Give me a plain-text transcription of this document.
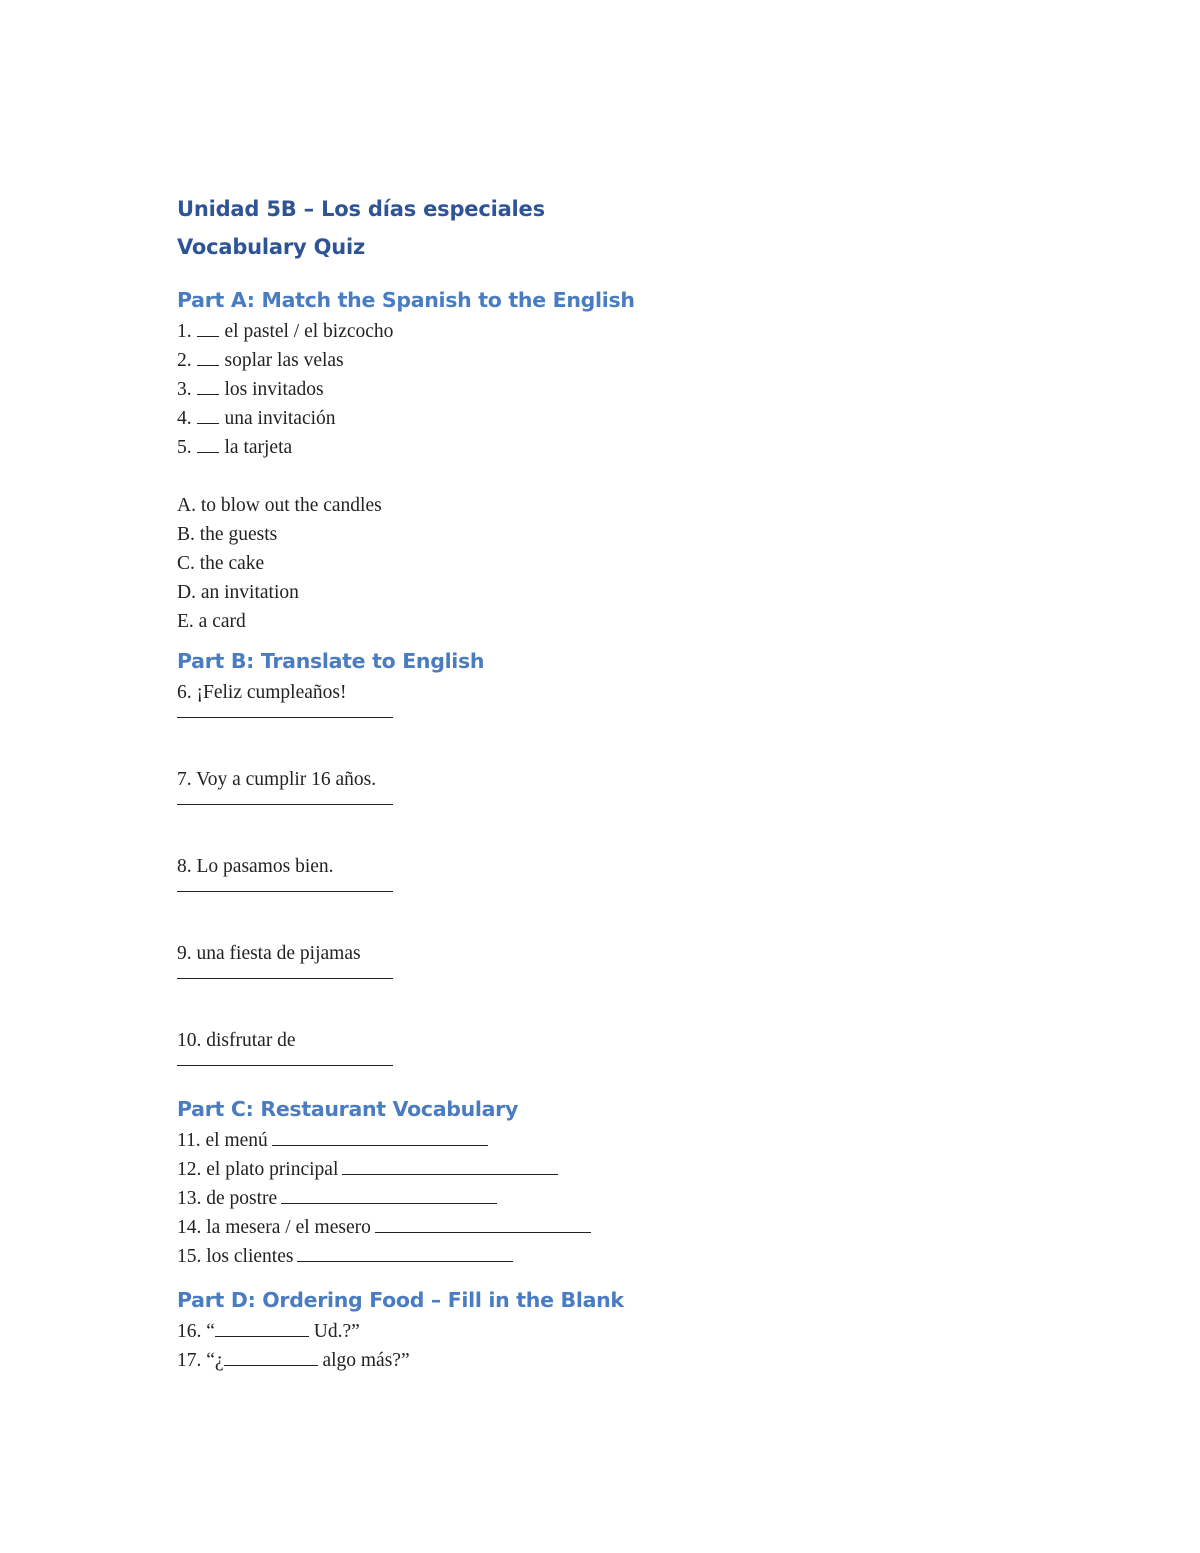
Unidad 5B – Los días especiales

Vocabulary Quiz

Part A: Match the Spanish to the English

1. el pastel / el bizcocho

2. soplar las velas

3. los invitados

4. una invitación

5. la tarjeta

A. to blow out the candles

B. the guests

C. the cake

D. an invitation

E. a card

Part B: Translate to English

6. ¡Feliz cumpleaños!

7. Voy a cumplir 16 años.

8. Lo pasamos bien.

9. una fiesta de pijamas

10. disfrutar de

Part C: Restaurant Vocabulary

11. el menú

12. el plato principal

13. de postre

14. la mesera / el mesero

15. los clientes

Part D: Ordering Food – Fill in the Blank

16. “	Ud.?”

17. “¿	algo más?”
